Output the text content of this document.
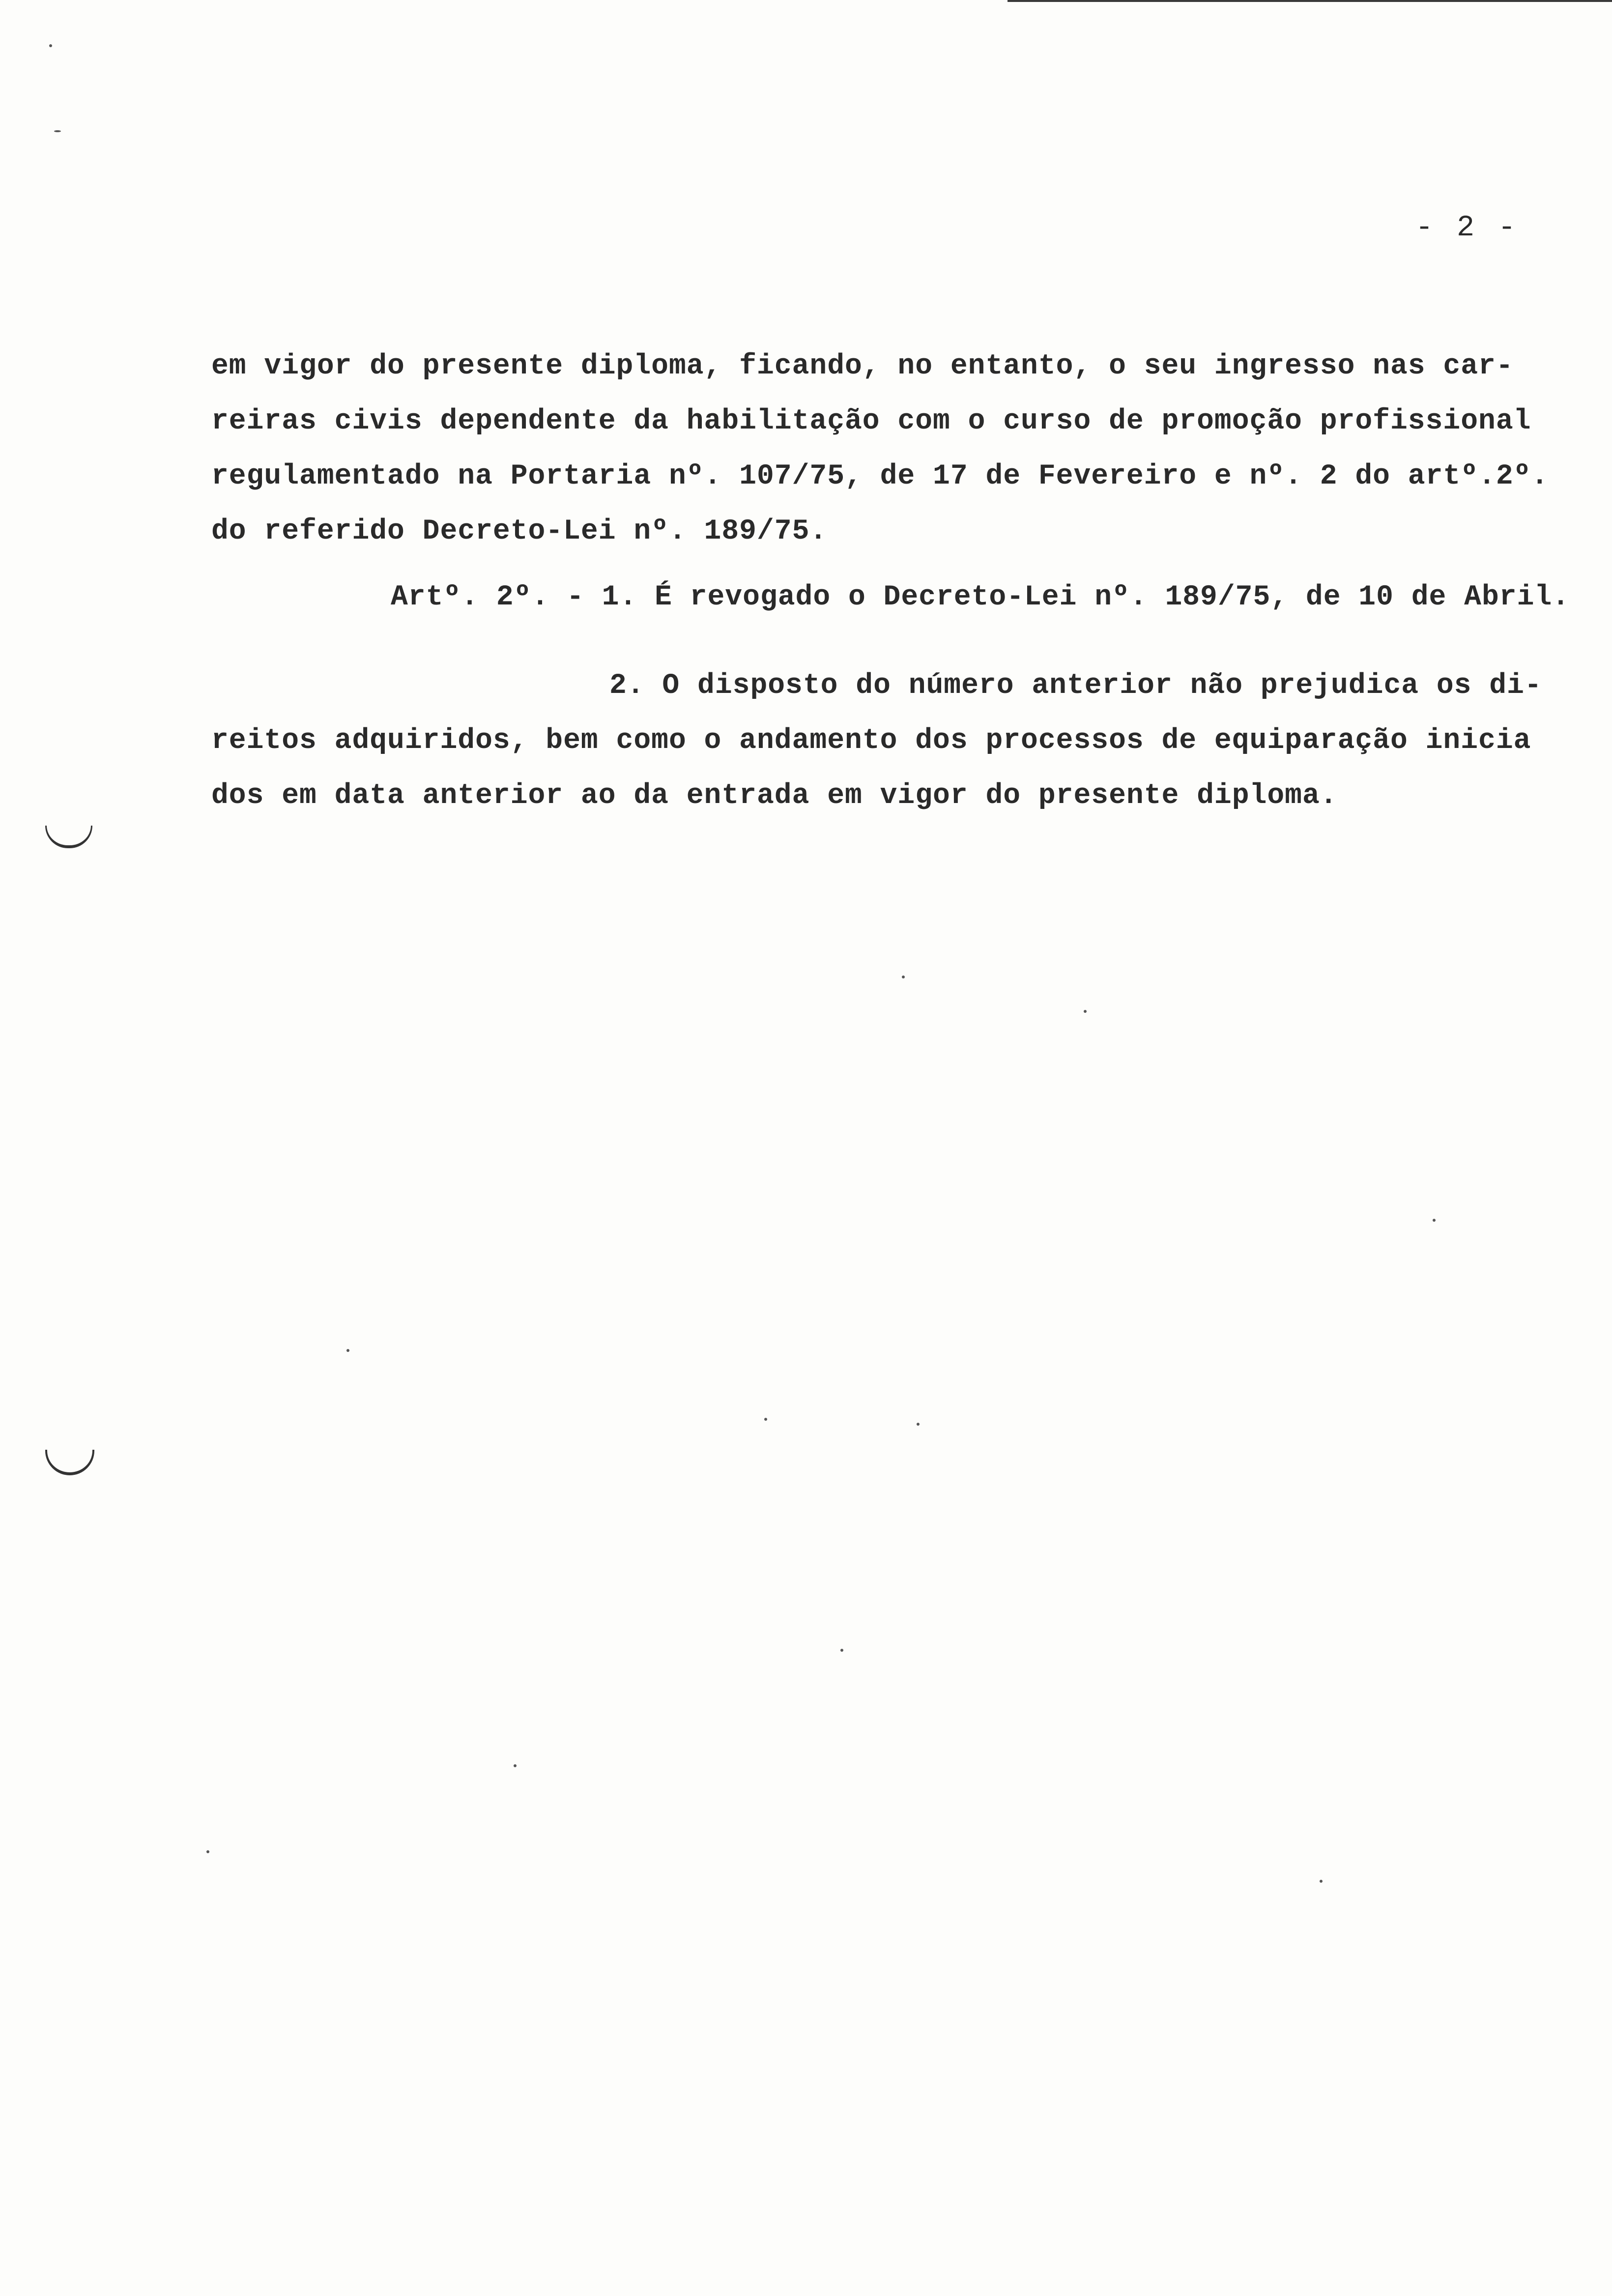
- 2 -
em vigor do presente diploma, ficando, no entanto, o seu ingresso nas car-
reiras civis dependente da habilitação com o curso de promoção profissional
regulamentado na Portaria nº. 107/75, de 17 de Fevereiro e nº. 2 do artº.2º.
do referido Decreto-Lei nº. 189/75.
Artº. 2º. - 1. É revogado o Decreto-Lei nº. 189/75, de 10 de Abril.
2. O disposto do número anterior não prejudica os di-
reitos adquiridos, bem como o andamento dos processos de equiparação inicia
dos em data anterior ao da entrada em vigor do presente diploma.
